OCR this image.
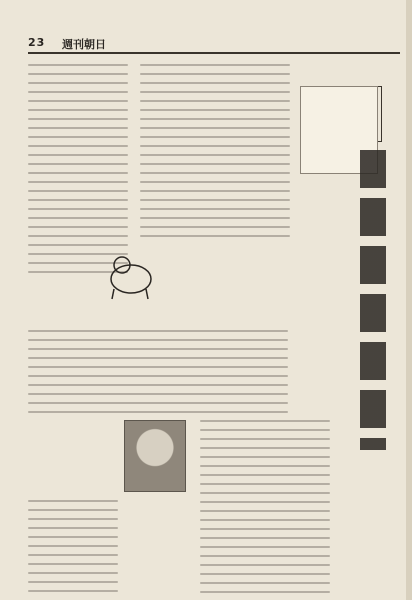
23 週刊朝日
